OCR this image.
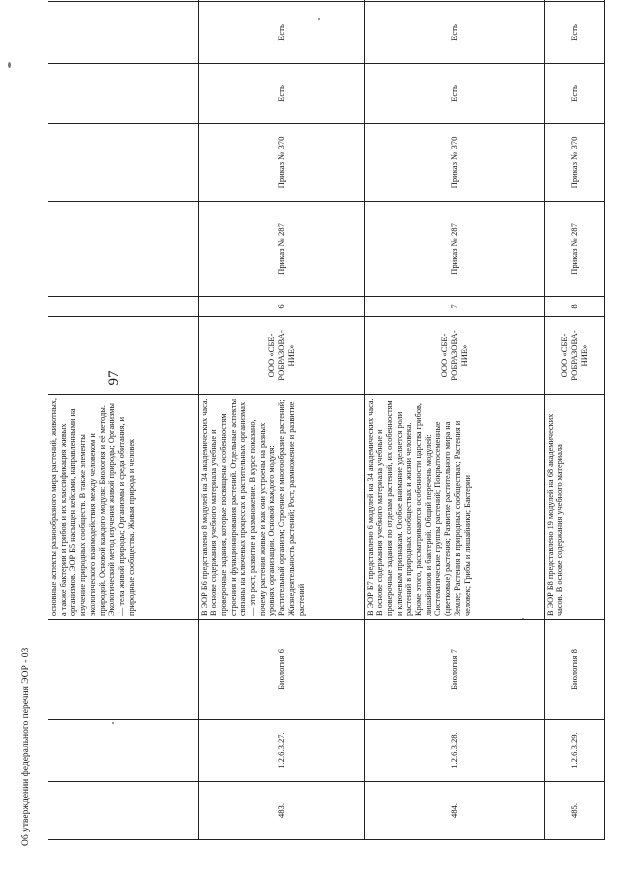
97
			основные аспекты разнообразного мира растений, животных, а также бактерии и грибов и их классификация живых организмов. ЭОР Б5 насыщен кейсами, направленными на изучение природных сообществ. В также элементы экологического взаимодействия между человеком и природой. Основой каждого модуля: Биология и её методы. Экологический метод изучения живой природы; Организмы — тела живой природы; Организмы и среда обитания, и природные сообщества. Живая природа и человек								
483.	1.2.6.3.27.	Биология 6	В ЭОР Б6 представлено 8 модулей на 34 академических часа. В основе содержания учебного материала учебные и проверочные задания, которые посвящены особенностям строения и функционирования растений. Отдельные аспекты связаны на ключевых процессах в растительных организмах — это рост, развитие и размножение. В курсе показано, почему растения живые и как они устроены на разных уровнях организации. Основой каждого модуля: Растительный организм; Строение и многообразие растений; Жизнедеятельность растений; Рост, размножение и развитие растений	ООО «СБЕ-РОБРАЗОВА-НИЕ»	6	Приказ № 287	Приказ № 370	Есть	Есть		
484.	1.2.6.3.28.	Биология 7	В ЭОР Б7 представлено 6 модулей на 34 академических часа. В основе содержания учебного материала учебные и проверочные задания по отделам растений, их особенностям и ключевым признакам. Особое внимание уделяется роли растений в природных сообществах и жизни человека. Кроме этого, рассматриваются особенности царства грибов, лишайников и бактерий. Общий перечень модулей: Систематические группы растений; Покрытосеменные (цветковые) растения; Развитие растительного мира на Земле; Растения в природных сообществах; Растения и человек; Грибы и лишайники; Бактерии	ООО «СБЕ-РОБРАЗОВА-НИЕ»	7	Приказ № 287	Приказ № 370	Есть	Есть		
485.	1.2.6.3.29.	Биология 8	В ЭОР Б8 представлено 19 модулей на 68 академических часов. В основе содержания учебного материала	ООО «СБЕ-РОБРАЗОВА-НИЕ»	8	Приказ № 287	Приказ № 370	Есть	Есть		
Об утверждении федерального перечня ЭОР - 03
